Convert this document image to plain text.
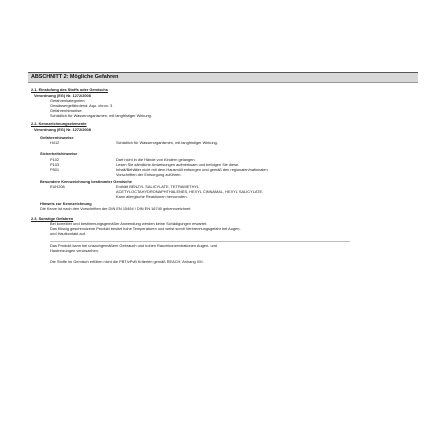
ABSCHNITT 2: Mögliche Gefahren
2.1. Einstufung des Stoffs oder Gemischs
Verordnung (EG) Nr. 1272/2008
Gefahrenkategorien:
Gewässergefährdend: Aqu. chron. 3
Gefahrenhinweise:
Schädlich für Wasserorganismen, mit langfristiger Wirkung.
2.2. Kennzeichnungselemente
Verordnung (EG) Nr. 1272/2008
Gefahrenhinweise
H412	Schädlich für Wasserorganismen, mit langfristiger Wirkung.
Sicherheitshinweise
P102	Darf nicht in die Hände von Kindern gelangen.
P103	Lesen Sie sämtliche Anweisungen aufmerksam und befolgen Sie diese.
P501	Inhalt/Behälter nicht mit dem Hausmüll entsorgen und gemäß den regionalen/nationalen
Vorschriften der Entsorgung zuführen.
Besondere Kennzeichnung bestimmter Gemische
EUH208	Enthält BENZYL SALICYLATE, TETRAMETHYL
ACETYLOCTAHYDRONAPHTHALENES, HEXYL CINNAMAL, HEXYL SALICYLATE.
Kann allergische Reaktionen hervorrufen.
Hinweis zur Kennzeichnung
Die Kerze ist nach den Vorschriften der DIN EN 15494 / DIN EN 16740 gekennzeichnet.
2.3. Sonstige Gefahren
Bei korrekter und bestimmungsgemäßer Anwendung werden keine Schädigungen erwartet.
Das flüssig geschmolzene Produkt besitzt hohe Temperaturen und weist somit Verbrennungsgefahr bei Augen-
und Hautkontakt auf.
Das Produkt kann bei unsachgemäßem Gebrauch und hohen Rauchkonzentrationen Augen- und
Hautreizungen verursachen.
Die Stoffe im Gemisch erfüllen nicht die PBT/vPvB Kriterien gemäß REACH, Anhang XIII.
